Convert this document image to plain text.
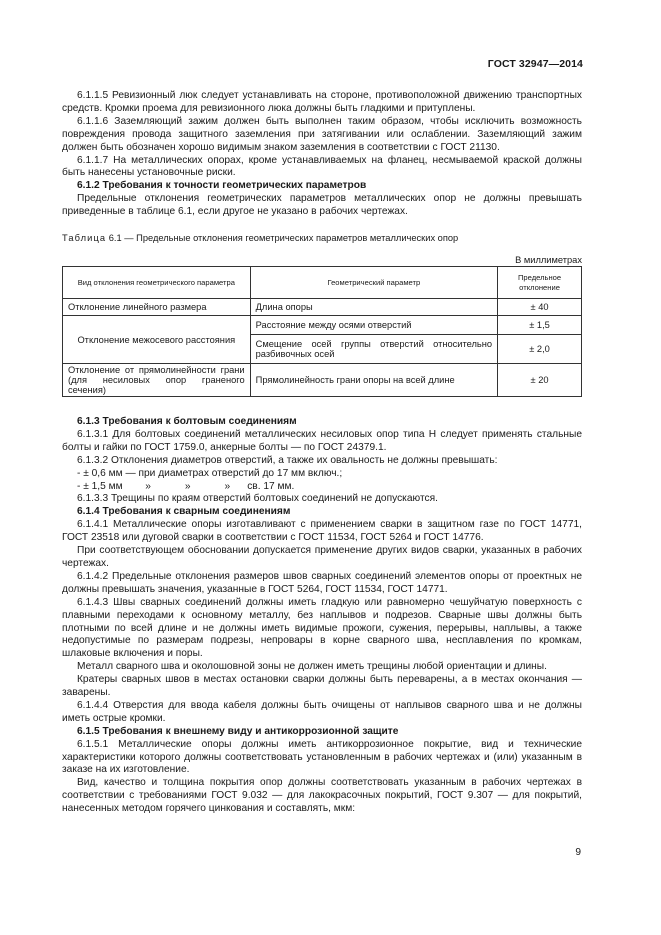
ГОСТ 32947—2014
6.1.1.5 Ревизионный люк следует устанавливать на стороне, противоположной движению транспортных средств. Кромки проема для ревизионного люка должны быть гладкими и притуплены.
6.1.1.6 Заземляющий зажим должен быть выполнен таким образом, чтобы исключить возможность повреждения провода защитного заземления при затягивании или ослаблении. Заземляющий зажим должен быть обозначен хорошо видимым знаком заземления в соответствии с ГОСТ 21130.
6.1.1.7 На металлических опорах, кроме устанавливаемых на фланец, несмываемой краской должны быть нанесены установочные риски.
6.1.2 Требования к точности геометрических параметров
Предельные отклонения геометрических параметров металлических опор не должны превышать приведенные в таблице 6.1, если другое не указано в рабочих чертежах.
Таблица 6.1 — Предельные отклонения геометрических параметров металлических опор
В миллиметрах
Вид отклонения геометрического параметра	Геометрический параметр	Предельное отклонение
Отклонение линейного размера	Длина опоры	± 40
Отклонение межосевого расстояния	Расстояние между осями отверстий	± 1,5
	Смещение осей группы отверстий относительно разбивочных осей	± 2,0
Отклонение от прямолинейности грани (для несиловых опор граненого сечения)	Прямолинейность грани опоры на всей длине	± 20
6.1.3 Требования к болтовым соединениям
6.1.3.1 Для болтовых соединений металлических несиловых опор типа Н следует применять стальные болты и гайки по ГОСТ 1759.0, анкерные болты — по ГОСТ 24379.1.
6.1.3.2 Отклонения диаметров отверстий, а также их овальность не должны превышать:
- ± 0,6 мм — при диаметрах отверстий до 17 мм включ.;
- ± 1,5 мм        »            »            »      св. 17 мм.
6.1.3.3 Трещины по краям отверстий болтовых соединений не допускаются.
6.1.4 Требования к сварным соединениям
6.1.4.1 Металлические опоры изготавливают с применением сварки в защитном газе по ГОСТ 14771, ГОСТ 23518 или дуговой сварки в соответствии с ГОСТ 11534, ГОСТ 5264 и ГОСТ 14776.
При соответствующем обосновании допускается применение других видов сварки, указанных в рабочих чертежах.
6.1.4.2 Предельные отклонения размеров швов сварных соединений элементов опоры от проектных не должны превышать значения, указанные в ГОСТ 5264, ГОСТ 11534, ГОСТ 14771.
6.1.4.3 Швы сварных соединений должны иметь гладкую или равномерно чешуйчатую поверхность с плавными переходами к основному металлу, без наплывов и подрезов. Сварные швы должны быть плотными по всей длине и не должны иметь видимые прожоги, сужения, перерывы, наплывы, а также недопустимые по размерам подрезы, непровары в корне сварного шва, несплавления по кромкам, шлаковые включения и поры.
Металл сварного шва и околошовной зоны не должен иметь трещины любой ориентации и длины.
Кратеры сварных швов в местах остановки сварки должны быть переварены, а в местах окончания — заварены.
6.1.4.4 Отверстия для ввода кабеля должны быть очищены от наплывов сварного шва и не должны иметь острые кромки.
6.1.5 Требования к внешнему виду и антикоррозионной защите
6.1.5.1 Металлические опоры должны иметь антикоррозионное покрытие, вид и технические характеристики которого должны соответствовать установленным в рабочих чертежах и (или) указанным в заказе на их изготовление.
Вид, качество и толщина покрытия опор должны соответствовать указанным в рабочих чертежах в соответствии с требованиями ГОСТ 9.032 — для лакокрасочных покрытий, ГОСТ 9.307 — для покрытий, нанесенных методом горячего цинкования и составлять, мкм:
9
